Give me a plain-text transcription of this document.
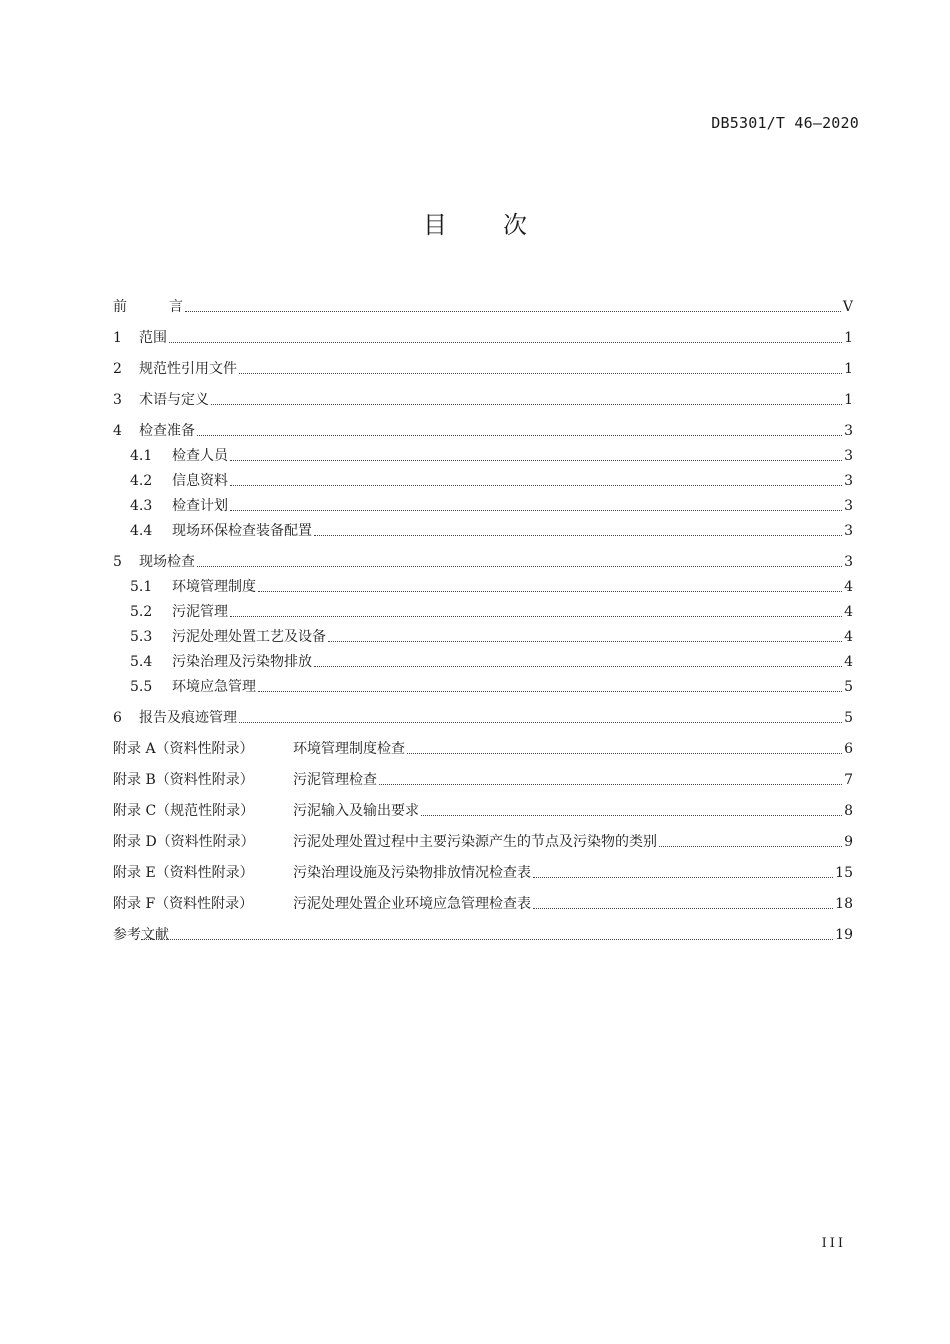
DB5301/T 46—2020
目 次
前	言	V
1	范围	1
2	规范性引用文件	1
3	术语与定义	1
4	检查准备	3
4.1	检查人员	3
4.2	信息资料	3
4.3	检查计划	3
4.4	现场环保检查装备配置	3
5	现场检查	3
5.1	环境管理制度	4
5.2	污泥管理	4
5.3	污泥处理处置工艺及设备	4
5.4	污染治理及污染物排放	4
5.5	环境应急管理	5
6	报告及痕迹管理	5
附录 A（资料性附录）	环境管理制度检查	6
附录 B（资料性附录）	污泥管理检查	7
附录 C（规范性附录）	污泥输入及输出要求	8
附录 D（资料性附录）	污泥处理处置过程中主要污染源产生的节点及污染物的类别	9
附录 E（资料性附录）	污染治理设施及污染物排放情况检查表	15
附录 F（资料性附录）	污泥处理处置企业环境应急管理检查表	18
参考文献	19
III
